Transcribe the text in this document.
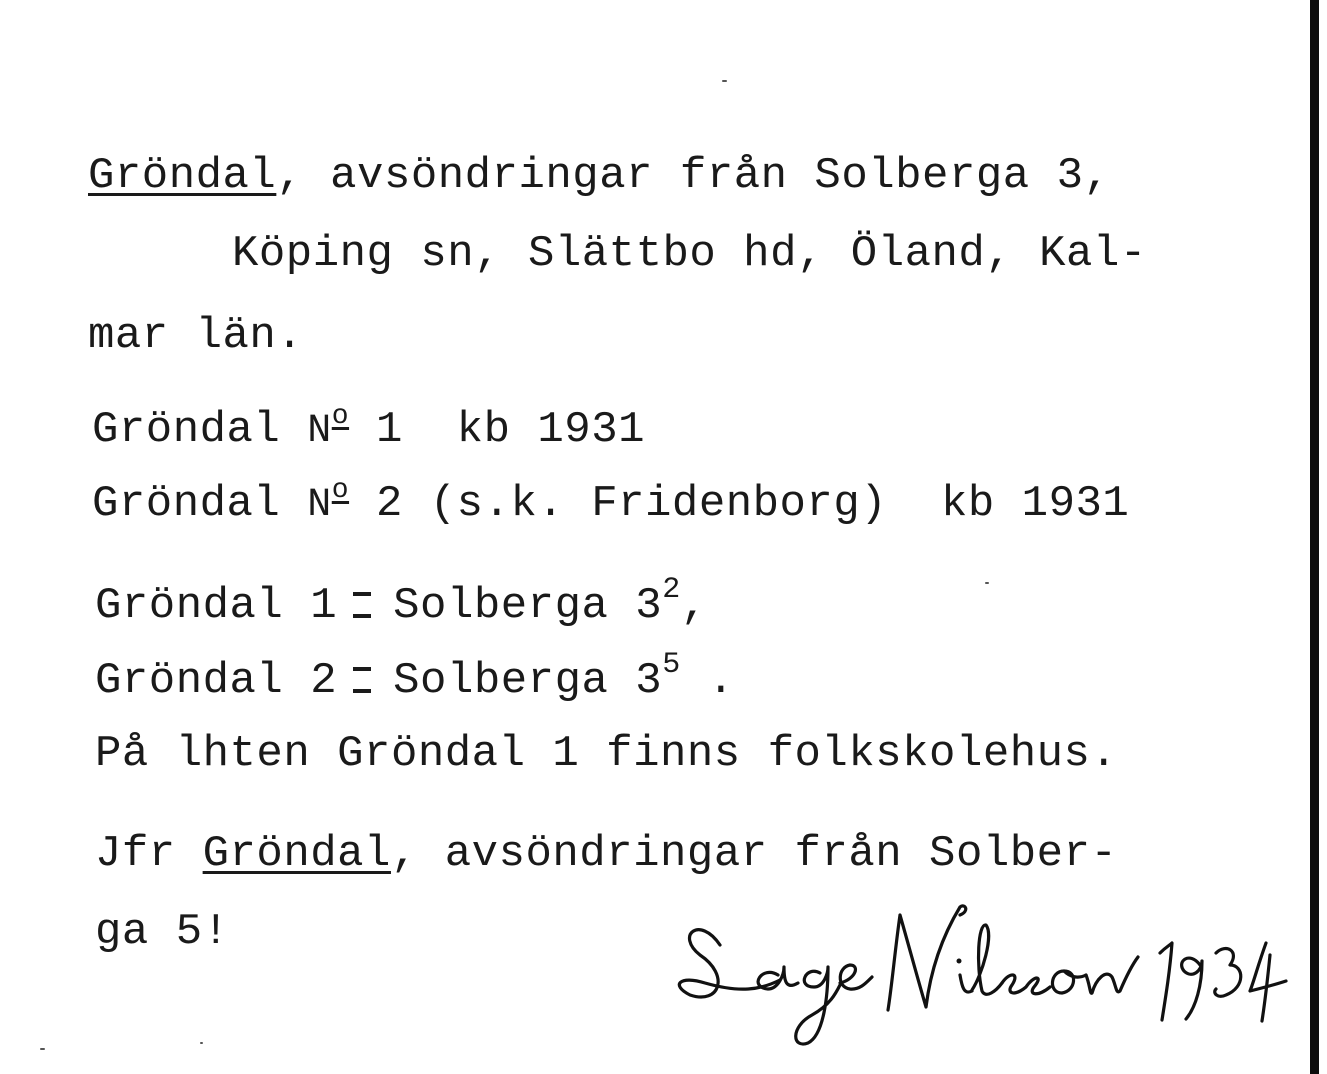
Gröndal, avsöndringar från Solberga 3,
Köping sn, Slättbo hd, Öland, Kal-
mar län.
Gröndal $N^o$ 1  kb 1931
Gröndal $N^o$ 2 (s.k. Fridenborg)  kb 1931
Gröndal 1 Solberga $3^2$,
Gröndal 2 Solberga $3^5$ .
På lhten Gröndal 1 finns folkskolehus.
Jfr Gröndal, avsöndringar från Solber-
ga 5!
